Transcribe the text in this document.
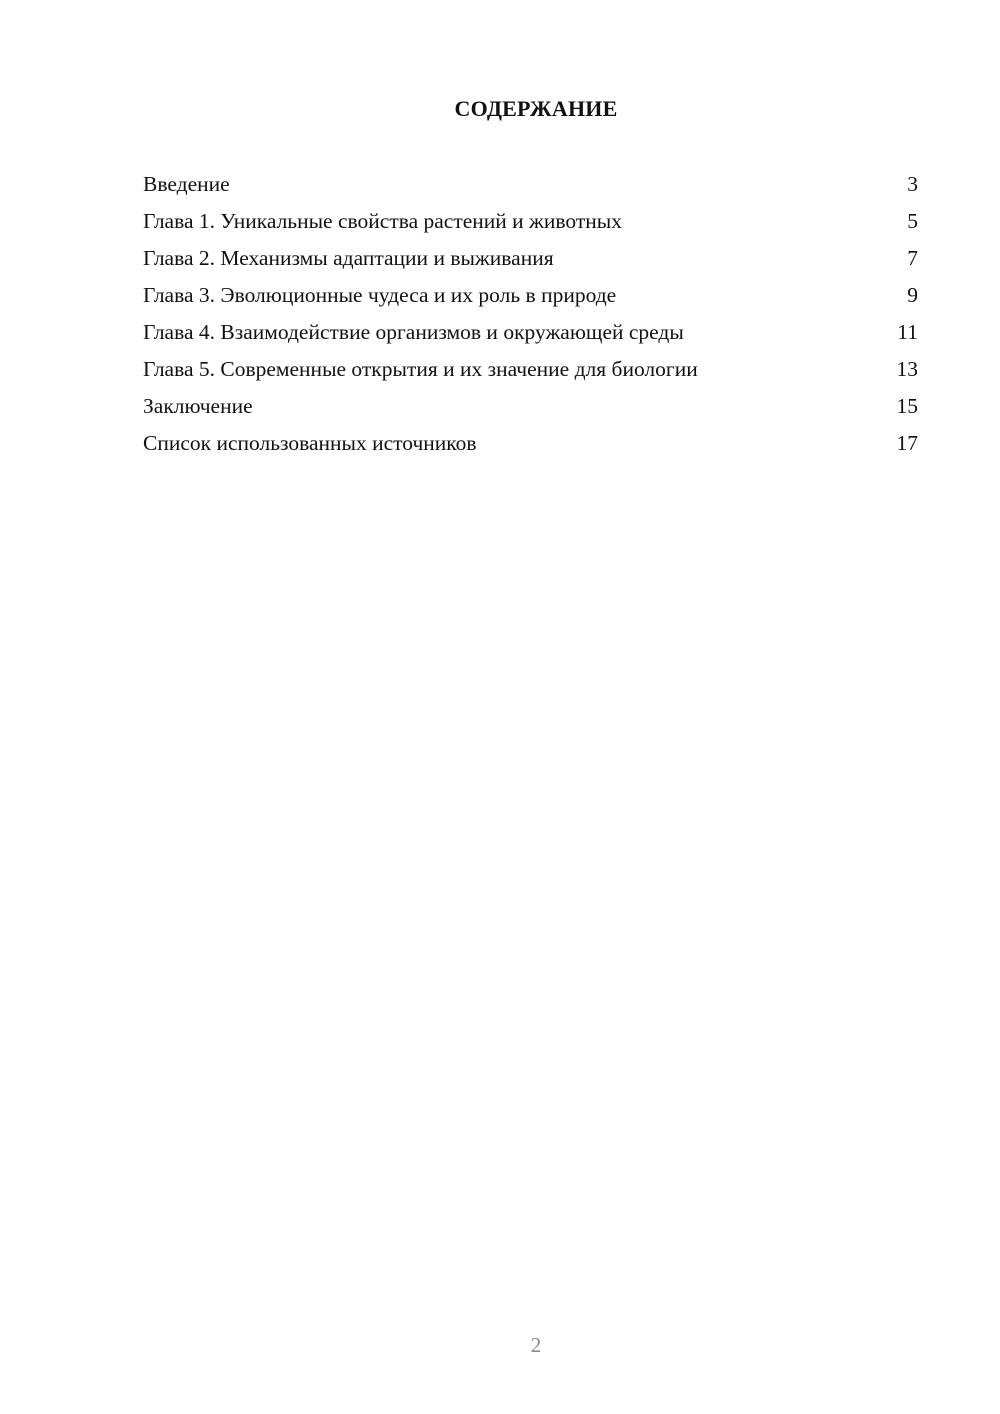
СОДЕРЖАНИЕ
Введение	3
Глава 1. Уникальные свойства растений и животных	5
Глава 2. Механизмы адаптации и выживания	7
Глава 3. Эволюционные чудеса и их роль в природе	9
Глава 4. Взаимодействие организмов и окружающей среды	11
Глава 5. Современные открытия и их значение для биологии	13
Заключение	15
Список использованных источников	17
2
